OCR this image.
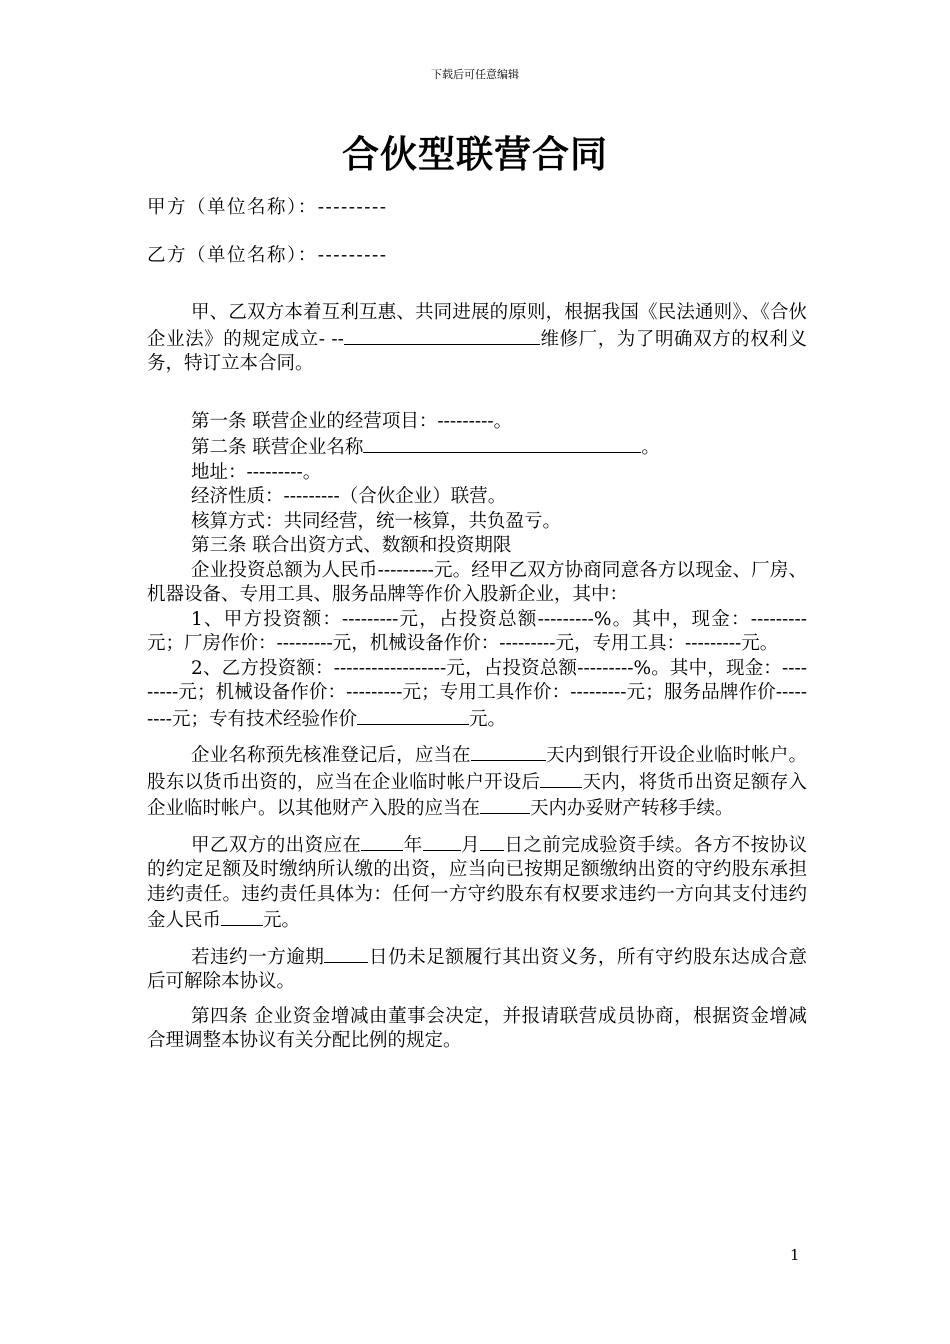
下载后可任意编辑
合伙型联营合同
甲方（单位名称）：---------
乙方（单位名称）：---------

甲、乙双方本着互利互惠、共同进展的原则，根据我国《民法通则》、《合伙企业法》的规定成立- --	维修厂，为了明确双方的权利义务，特订立本合同。

第一条 联营企业的经营项目：---------。

第二条 联营企业名称	。

地址：---------。

经济性质：---------（合伙企业）联营。

核算方式：共同经营，统一核算，共负盈亏。

第三条 联合出资方式、数额和投资期限

企业投资总额为人民币---------元。经甲乙双方协商同意各方以现金、厂房、机器设备、专用工具、服务品牌等作价入股新企业，其中：

1、甲方投资额：---------元，占投资总额---------%。其中，现金：---------元；厂房作价：---------元，机械设备作价：---------元，专用工具：---------元。

2、乙方投资额：------------------元，占投资总额---------%。其中，现金：---------元；机械设备作价：---------元；专用工具作价：---------元；服务品牌作价---------元；专有技术经验作价	元。

企业名称预先核准登记后，应当在	天内到银行开设企业临时帐户。股东以货币出资的，应当在企业临时帐户开设后 天内，将货币出资足额存入企业临时帐户。以其他财产入股的应当在	天内办妥财产转移手续。

甲乙双方的出资应在 年 月 日之前完成验资手续。各方不按协议的约定足额及时缴纳所认缴的出资，应当向已按期足额缴纳出资的守约股东承担违约责任。违约责任具体为：任何一方守约股东有权要求违约一方向其支付违约金人民币 元。

若违约一方逾期 日仍未足额履行其出资义务，所有守约股东达成合意后可解除本协议。

第四条 企业资金增减由董事会决定，并报请联营成员协商，根据资金增减合理调整本协议有关分配比例的规定。

1
